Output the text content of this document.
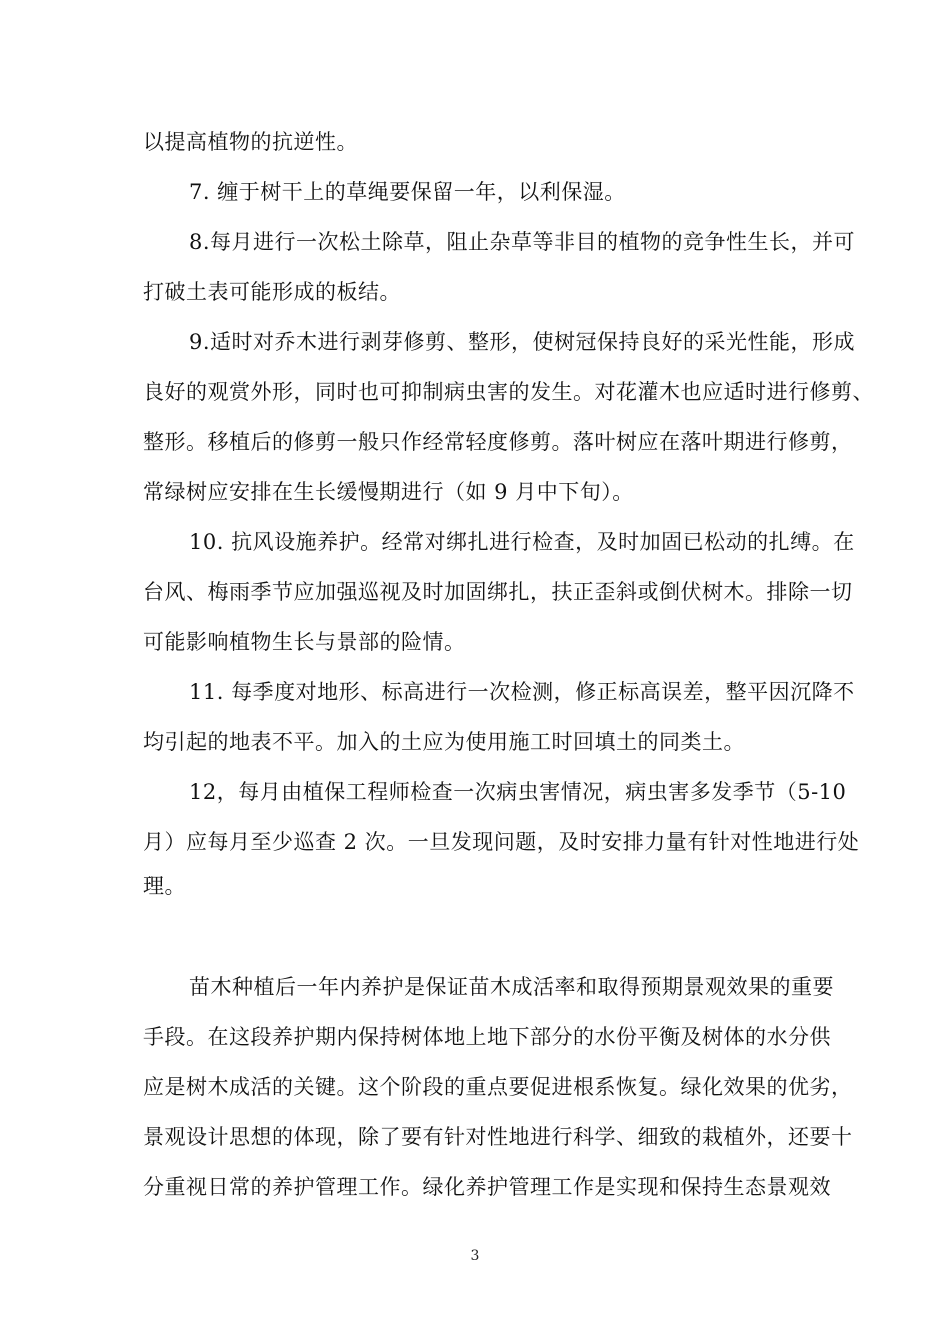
以提高植物的抗逆性。
7. 缠于树干上的草绳要保留一年，以利保湿。
8.每月进行一次松土除草，阻止杂草等非目的植物的竞争性生长，并可
打破土表可能形成的板结。
9.适时对乔木进行剥芽修剪、整形，使树冠保持良好的采光性能，形成
良好的观赏外形，同时也可抑制病虫害的发生。对花灌木也应适时进行修剪、
整形。移植后的修剪一般只作经常轻度修剪。落叶树应在落叶期进行修剪，
常绿树应安排在生长缓慢期进行（如 9 月中下旬）。
10. 抗风设施养护。经常对绑扎进行检查，及时加固已松动的扎缚。在
台风、梅雨季节应加强巡视及时加固绑扎，扶正歪斜或倒伏树木。排除一切
可能影响植物生长与景部的险情。
11. 每季度对地形、标高进行一次检测，修正标高误差，整平因沉降不
均引起的地表不平。加入的土应为使用施工时回填土的同类土。
12，每月由植保工程师检查一次病虫害情况，病虫害多发季节（5-10
月）应每月至少巡查 2 次。一旦发现问题，及时安排力量有针对性地进行处
理。
苗木种植后一年内养护是保证苗木成活率和取得预期景观效果的重要
手段。在这段养护期内保持树体地上地下部分的水份平衡及树体的水分供
应是树木成活的关键。这个阶段的重点要促进根系恢复。绿化效果的优劣，
景观设计思想的体现，除了要有针对性地进行科学、细致的栽植外，还要十
分重视日常的养护管理工作。绿化养护管理工作是实现和保持生态景观效
3
